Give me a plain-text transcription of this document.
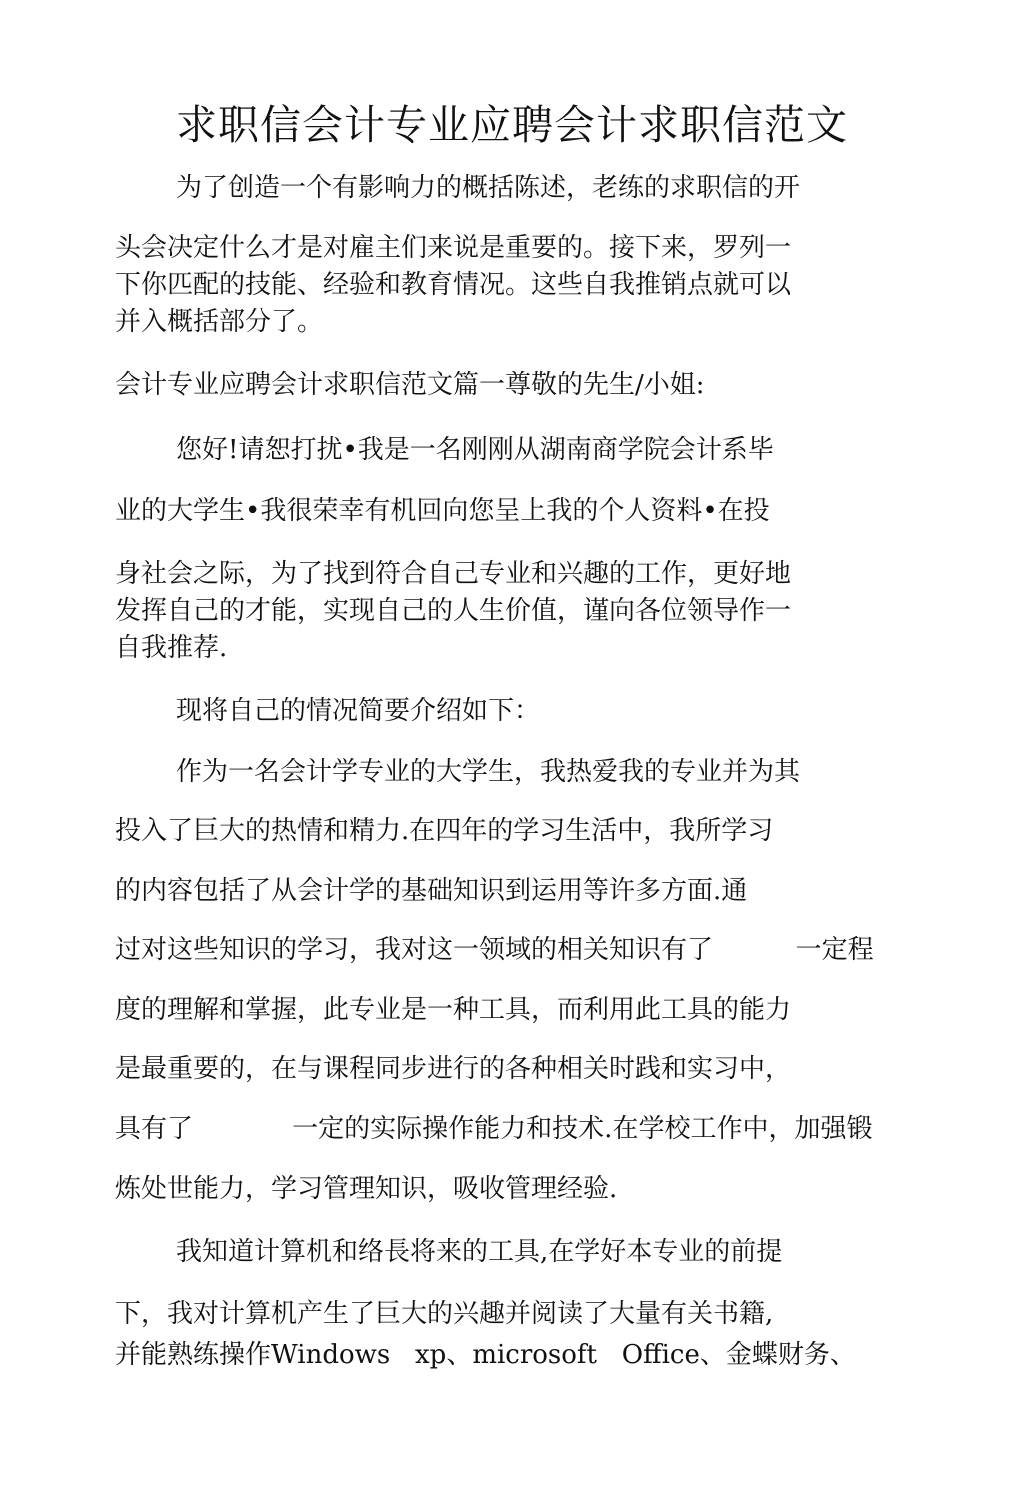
求职信会计专业应聘会计求职信范文
为了创造一个有影响力的概括陈述，老练的求职信的开
头会决定什么才是对雇主们来说是重要的。接下来，罗列一
下你匹配的技能、经验和教育情况。这些自我推销点就可以
并入概括部分了。
会计专业应聘会计求职信范文篇一尊敬的先生/小姐:
您好!请恕打扰•我是一名刚刚从湖南商学院会计系毕
业的大学生•我很荣幸有机回向您呈上我的个人资料•在投
身社会之际，为了找到符合自己专业和兴趣的工作，更好地
发挥自己的才能，实现自己的人生价值，谨向各位领导作一
自我推荐.
现将自己的情况简要介绍如下：
作为一名会计学专业的大学生，我热爱我的专业并为其
投入了巨大的热情和精力.在四年的学习生活中，我所学习
的内容包括了从会计学的基础知识到运用等许多方面.通
过对这些知识的学习，我对这一领域的相关知识有了          一定程
度的理解和掌握，此专业是一种工具，而利用此工具的能力
是最重要的，在与课程同步进行的各种相关时践和实习中，
具有了            一定的实际操作能力和技术.在学校工作中，加强锻
炼处世能力，学习管理知识，吸收管理经验.
我知道计算机和络長将来的工具,在学好本专业的前提
下，我对计算机产生了巨大的兴趣并阅读了大量有关书籍,
并能熟练操作Windows   xp、microsoft   Office、金蝶财务、
